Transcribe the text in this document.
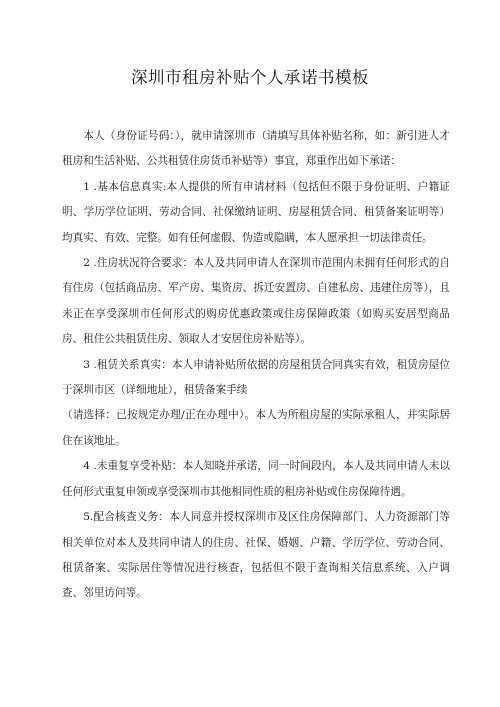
深圳市租房补贴个人承诺书模板

本人（身份证号码：），就申请深圳市（请填写具体补贴名称，如：新引进人才租房和生活补贴、公共租赁住房货币补贴等）事宜，郑重作出如下承诺：

1 .基本信息真实:本人提供的所有申请材料（包括但不限于身份证明、户籍证明、学历学位证明、劳动合同、社保缴纳证明、房屋租赁合同、租赁备案证明等）均真实、有效、完整。如有任何虚假、伪造或隐瞒，本人愿承担一切法律责任。

2 .住房状况符合要求：本人及共同申请人在深圳市范围内未拥有任何形式的自有住房（包括商品房、军产房、集资房、拆迁安置房、自建私房、违建住房等），且未正在享受深圳市任何形式的购房优惠政策或住房保障政策（如购买安居型商品房、租住公共租赁住房、领取人才安居住房补贴等）。

3 .租赁关系真实：本人申请补贴所依据的房屋租赁合同真实有效，租赁房屋位于深圳市区（详细地址），租赁备案手续

（请选择：已按规定办理/正在办理中）。本人为所租房屋的实际承租人，并实际居住在该地址。

4 .未重复享受补贴：本人知晓并承诺，同一时间段内，本人及共同申请人未以任何形式重复申领或享受深圳市其他相同性质的租房补贴或住房保障待遇。

5.配合核查义务：本人同意并授权深圳市及区住房保障部门、人力资源部门等相关单位对本人及共同申请人的住房、社保、婚姻、户籍、学历学位、劳动合同、租赁备案、实际居住等情况进行核查，包括但不限于查询相关信息系统、入户调查、邻里访问等。
